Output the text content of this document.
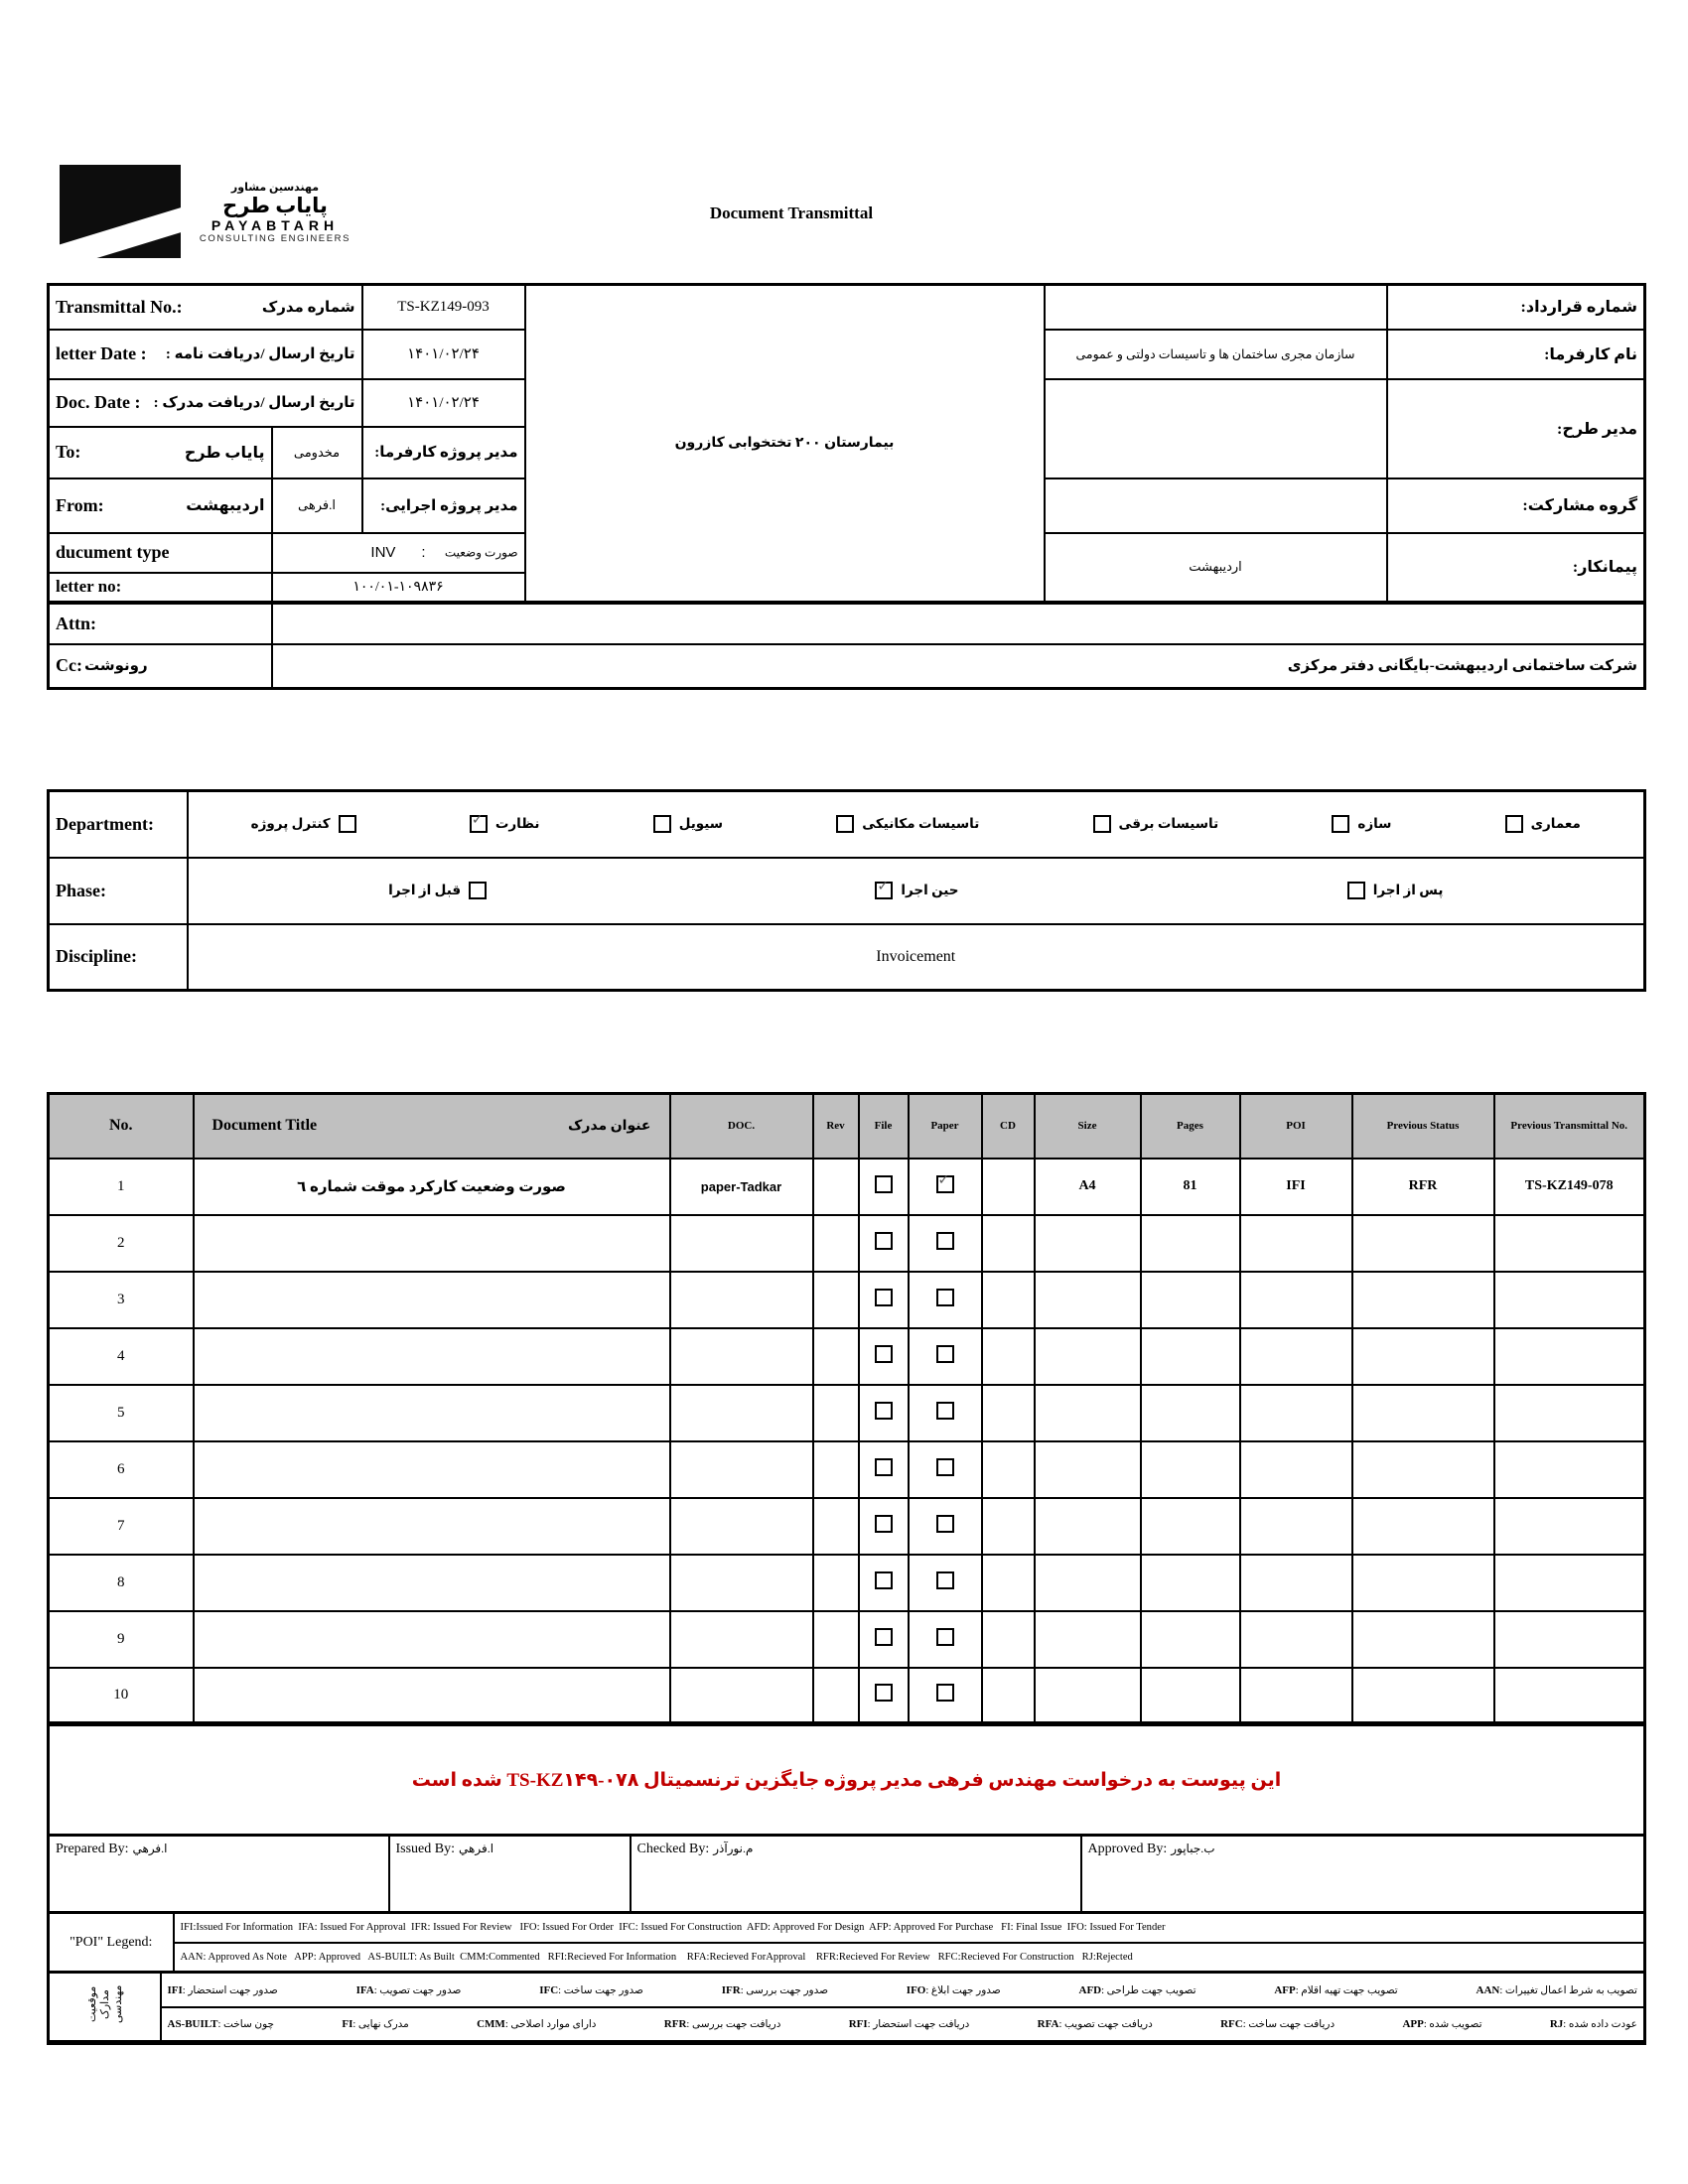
مهندسین مشاور
پایاب طرح
PAYABTARH
CONSULTING ENGINEERS
Document Transmittal
Transmittal No.: شماره مدرک		TS-KZ149-093	بیمارستان ۲۰۰ تختخوابی کازرون		شماره قرارداد:

letter Date : تاریخ ارسال /دریافت نامه :		۱۴۰۱/۰۲/۲۴		سازمان مجری ساختمان ها و تاسیسات دولتی و عمومی	نام کارفرما:

Doc. Date : تاریخ ارسال /دریافت مدرک :		۱۴۰۱/۰۲/۲۴			مدیر طرح:

To: پایاب طرح	مخدومی	مدیر پروژه کارفرما:			

From: اردیبهشت	ا.فرهی	مدیر پروژه اجرایی:			گروه مشارکت:
ducument type	INV : صورت وضعیت			اردیبهشت	پیمانکار:
letter no:	۱۰۰/۰۱-۱۰۹۸۳۶				
Attn:					

Cc: رونوشت	شرکت ساختمانی اردیبهشت-بایگانی دفتر مرکزی				
Department:	معماری
سازه
تاسیسات برقی
تاسیسات مکانیکی
سیویل
نظارت
✓
کنترل پروژه

Phase:	پس از اجرا
حین اجرا
✓
قبل از اجرا

Discipline:	Invoicement
No.	Document Title عنوان مدرک	DOC.	Rev	File	Paper	CD	Size	Pages	POI	Previous Status	Previous Transmittal No.
1	صورت وضعیت کارکرد موقت شماره ٦	paper-Tadkar			✓		A4	81	IFI	RFR	TS-KZ149-078
2											
3											
4											
5											
6											
7											
8											
9											
10											
این پیوست به درخواست مهندس فرهی مدیر پروژه جایگزین ترنسمیتال ‪TS-KZ۱۴۹-۰۷۸‬ شده است											
Prepared By: ا.فرهي	Issued By: ا.فرهي	Checked By: م.نورآذر	Approved By: ب.جباپور
"POI" Legend:	IFI:Issued For Information  IFA: Issued For Approval  IFR: Issued For Review   IFO: Issued For Order  IFC: Issued For Construction  AFD: Approved For Design  AFP: Approved For Purchase   FI: Final Issue  IFO: Issued For Tender
AAN: Approved As Note   APP: Approved   AS-BUILT: As Built  CMM:Commented   RFI:Recieved For Information    RFA:Recieved ForApproval    RFR:Recieved For Review   RFC:Recieved For Construction   RJ:Rejected
موقعیت مدارک مهندسی	IFI: صدور جهت استحضار	IFA: صدور جهت تصویب	IFC: صدور جهت ساخت	IFR: صدور جهت بررسی	IFO: صدور جهت ابلاغ	AFD: تصویب جهت طراحی	AFP: تصویب جهت تهیه اقلام	AAN: تصویب به شرط اعمال تغییرات

AS-BUILT: چون ساخت	FI: مدرک نهایی	CMM: دارای موارد اصلاحی	RFR: دریافت جهت بررسی	RFI: دریافت جهت استحضار	RFA: دریافت جهت تصویب	RFC: دریافت جهت ساخت	APP: تصویب شده	RJ: عودت داده شده
